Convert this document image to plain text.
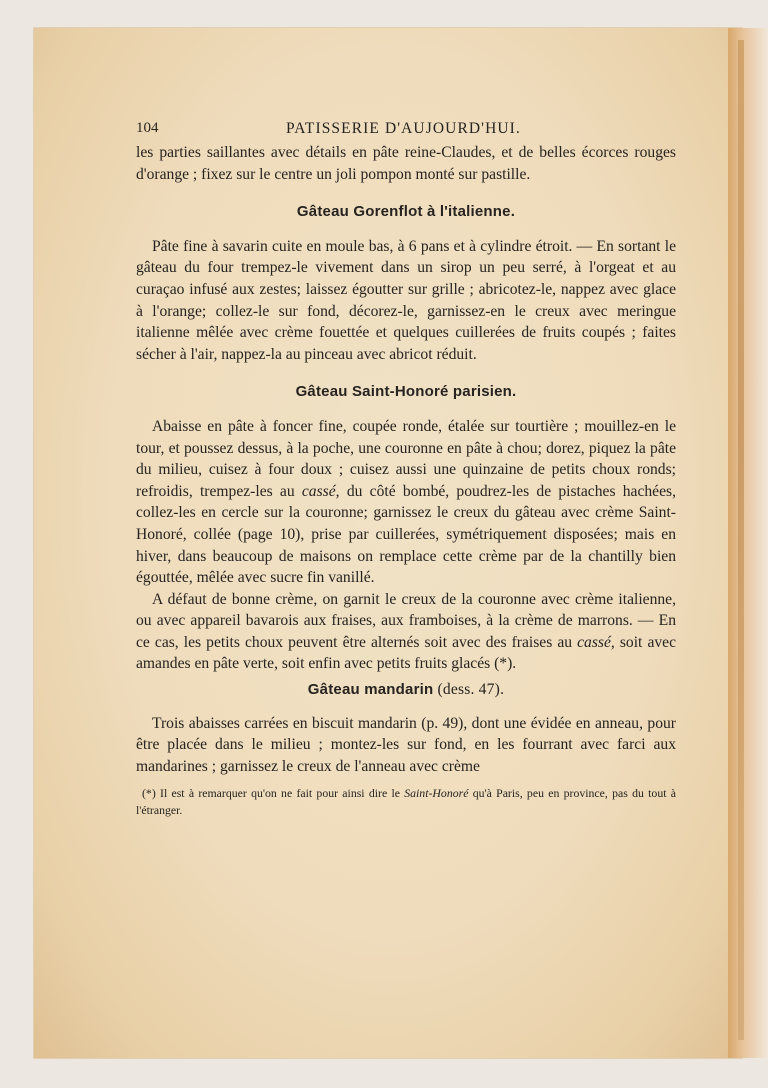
104	PATISSERIE D'AUJOURD'HUI.

les parties saillantes avec détails en pâte reine-Claudes, et de belles écorces rouges d'orange ; fixez sur le centre un joli pompon monté sur pastille.

Gâteau Gorenflot à l'italienne.

Pâte fine à savarin cuite en moule bas, à 6 pans et à cylindre étroit. — En sortant le gâteau du four trempez-le vivement dans un sirop un peu serré, à l'orgeat et au curaçao infusé aux zestes; laissez égoutter sur grille ; abricotez-le, nappez avec glace à l'orange; collez-le sur fond, décorez-le, garnissez-en le creux avec meringue italienne mêlée avec crème fouettée et quelques cuillerées de fruits coupés ; faites sécher à l'air, nappez-la au pinceau avec abricot réduit.

Gâteau Saint-Honoré parisien.

Abaisse en pâte à foncer fine, coupée ronde, étalée sur tourtière ; mouillez-en le tour, et poussez dessus, à la poche, une couronne en pâte à chou; dorez, piquez la pâte du milieu, cuisez à four doux ; cuisez aussi une quinzaine de petits choux ronds; refroidis, trempez-les au cassé, du côté bombé, poudrez-les de pistaches hachées, collez-les en cercle sur la couronne; garnissez le creux du gâteau avec crème Saint-Honoré, collée (page 10), prise par cuillerées, symétriquement disposées; mais en hiver, dans beaucoup de maisons on remplace cette crème par de la chantilly bien égouttée, mêlée avec sucre fin vanillé.

A défaut de bonne crème, on garnit le creux de la couronne avec crème italienne, ou avec appareil bavarois aux fraises, aux framboises, à la crème de marrons. — En ce cas, les petits choux peuvent être alternés soit avec des fraises au cassé, soit avec amandes en pâte verte, soit enfin avec petits fruits glacés (*).

Gâteau mandarin (dess. 47).

Trois abaisses carrées en biscuit mandarin (p. 49), dont une évidée en anneau, pour être placée dans le milieu ; montez-les sur fond, en les fourrant avec farci aux mandarines ; garnissez le creux de l'anneau avec crème

(*) Il est à remarquer qu'on ne fait pour ainsi dire le Saint-Honoré qu'à Paris, peu en province, pas du tout à l'étranger.
